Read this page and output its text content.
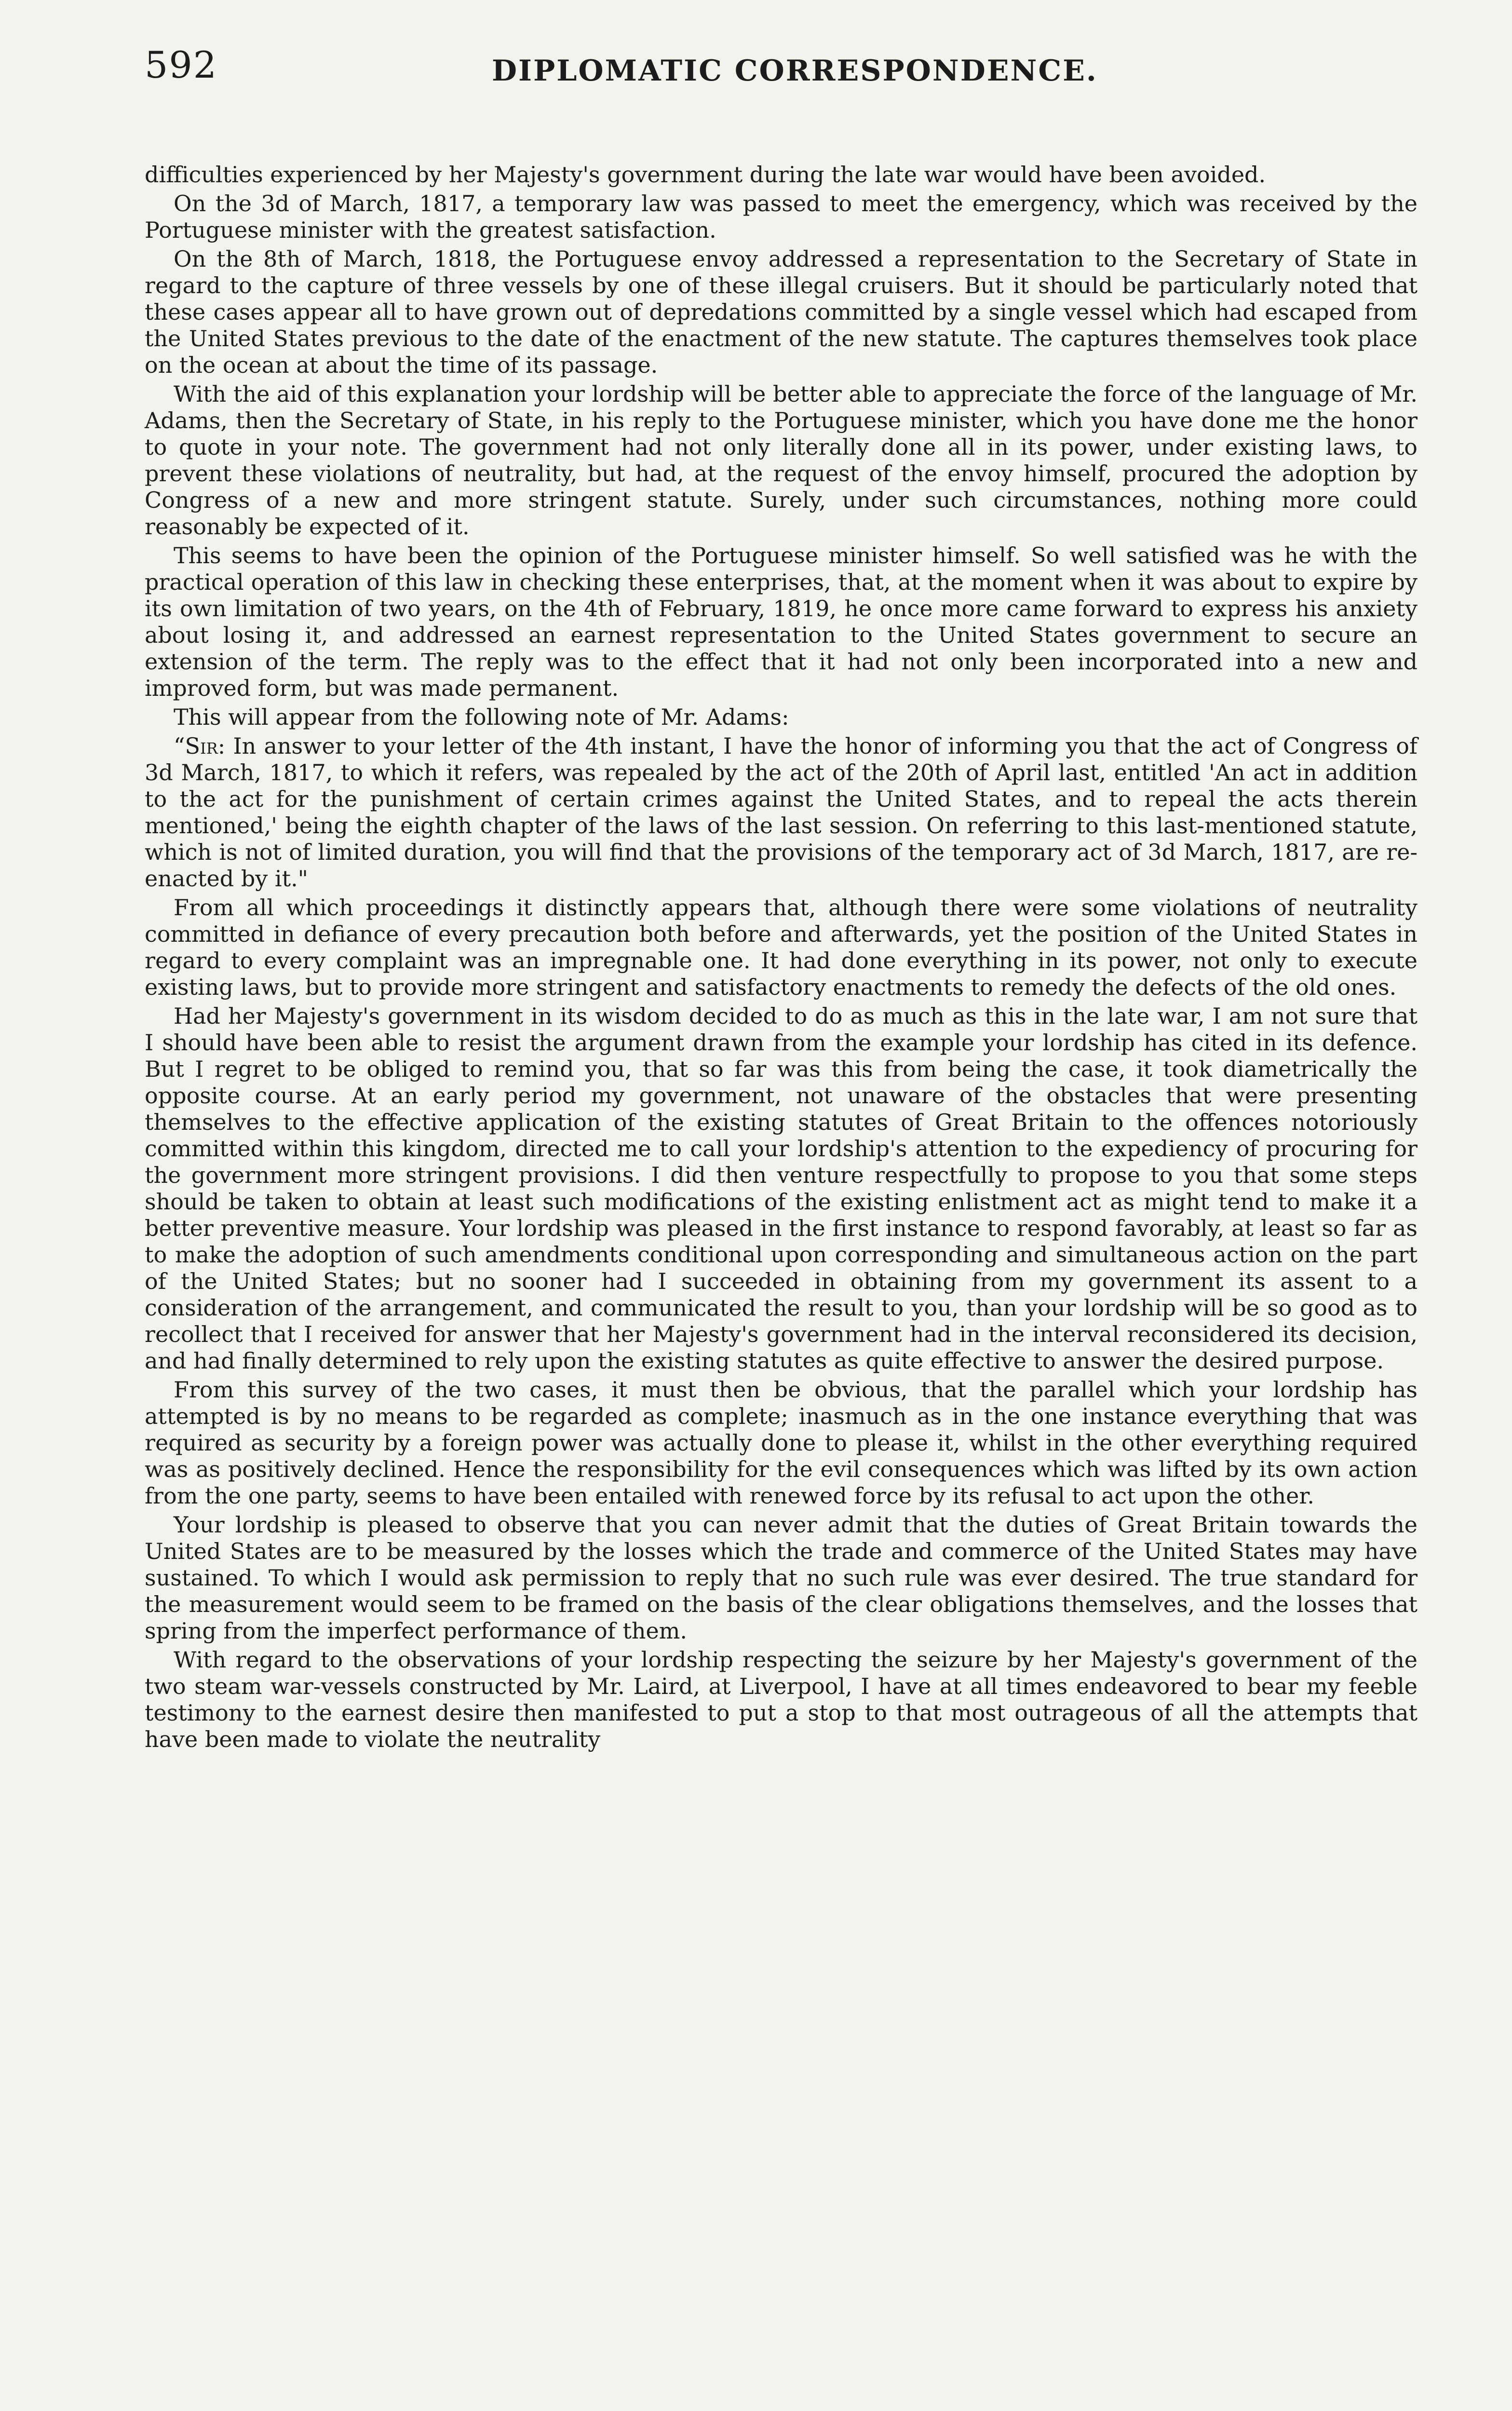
592	DIPLOMATIC CORRESPONDENCE.

difficulties experienced by her Majesty's government during the late war would have been avoided.

On the 3d of March, 1817, a temporary law was passed to meet the emergency, which was received by the Portuguese minister with the greatest satisfaction.

On the 8th of March, 1818, the Portuguese envoy addressed a representation to the Secretary of State in regard to the capture of three vessels by one of these illegal cruisers. But it should be particularly noted that these cases appear all to have grown out of depredations committed by a single vessel which had escaped from the United States previous to the date of the enactment of the new statute. The captures themselves took place on the ocean at about the time of its passage.

With the aid of this explanation your lordship will be better able to appreciate the force of the language of Mr. Adams, then the Secretary of State, in his reply to the Portuguese minister, which you have done me the honor to quote in your note. The government had not only literally done all in its power, under existing laws, to prevent these violations of neutrality, but had, at the request of the envoy himself, procured the adoption by Congress of a new and more stringent statute. Surely, under such circumstances, nothing more could reasonably be expected of it.

This seems to have been the opinion of the Portuguese minister himself. So well satisfied was he with the practical operation of this law in checking these enterprises, that, at the moment when it was about to expire by its own limitation of two years, on the 4th of February, 1819, he once more came forward to express his anxiety about losing it, and addressed an earnest representation to the United States government to secure an extension of the term. The reply was to the effect that it had not only been incorporated into a new and improved form, but was made permanent.

This will appear from the following note of Mr. Adams:

“Sir: In answer to your letter of the 4th instant, I have the honor of informing you that the act of Congress of 3d March, 1817, to which it refers, was repealed by the act of the 20th of April last, entitled 'An act in addition to the act for the punishment of certain crimes against the United States, and to repeal the acts therein mentioned,' being the eighth chapter of the laws of the last session. On referring to this last-mentioned statute, which is not of limited duration, you will find that the provisions of the temporary act of 3d March, 1817, are re-enacted by it."

From all which proceedings it distinctly appears that, although there were some violations of neutrality committed in defiance of every precaution both before and afterwards, yet the position of the United States in regard to every complaint was an impregnable one. It had done everything in its power, not only to execute existing laws, but to provide more stringent and satisfactory enactments to remedy the defects of the old ones.

Had her Majesty's government in its wisdom decided to do as much as this in the late war, I am not sure that I should have been able to resist the argument drawn from the example your lordship has cited in its defence. But I regret to be obliged to remind you, that so far was this from being the case, it took diametrically the opposite course. At an early period my government, not unaware of the obstacles that were presenting themselves to the effective application of the existing statutes of Great Britain to the offences notoriously committed within this kingdom, directed me to call your lordship's attention to the expediency of procuring for the government more stringent provisions. I did then venture respectfully to propose to you that some steps should be taken to obtain at least such modifications of the existing enlistment act as might tend to make it a better preventive measure. Your lordship was pleased in the first instance to respond favorably, at least so far as to make the adoption of such amendments conditional upon corresponding and simultaneous action on the part of the United States; but no sooner had I succeeded in obtaining from my government its assent to a consideration of the arrangement, and communicated the result to you, than your lordship will be so good as to recollect that I received for answer that her Majesty's government had in the interval reconsidered its decision, and had finally determined to rely upon the existing statutes as quite effective to answer the desired purpose.

From this survey of the two cases, it must then be obvious, that the parallel which your lordship has attempted is by no means to be regarded as complete; inasmuch as in the one instance everything that was required as security by a foreign power was actually done to please it, whilst in the other everything required was as positively declined. Hence the responsibility for the evil consequences which was lifted by its own action from the one party, seems to have been entailed with renewed force by its refusal to act upon the other.

Your lordship is pleased to observe that you can never admit that the duties of Great Britain towards the United States are to be measured by the losses which the trade and commerce of the United States may have sustained. To which I would ask permission to reply that no such rule was ever desired. The true standard for the measurement would seem to be framed on the basis of the clear obligations themselves, and the losses that spring from the imperfect performance of them.

With regard to the observations of your lordship respecting the seizure by her Majesty's government of the two steam war-vessels constructed by Mr. Laird, at Liverpool, I have at all times endeavored to bear my feeble testimony to the earnest desire then manifested to put a stop to that most outrageous of all the attempts that have been made to violate the neutrality
